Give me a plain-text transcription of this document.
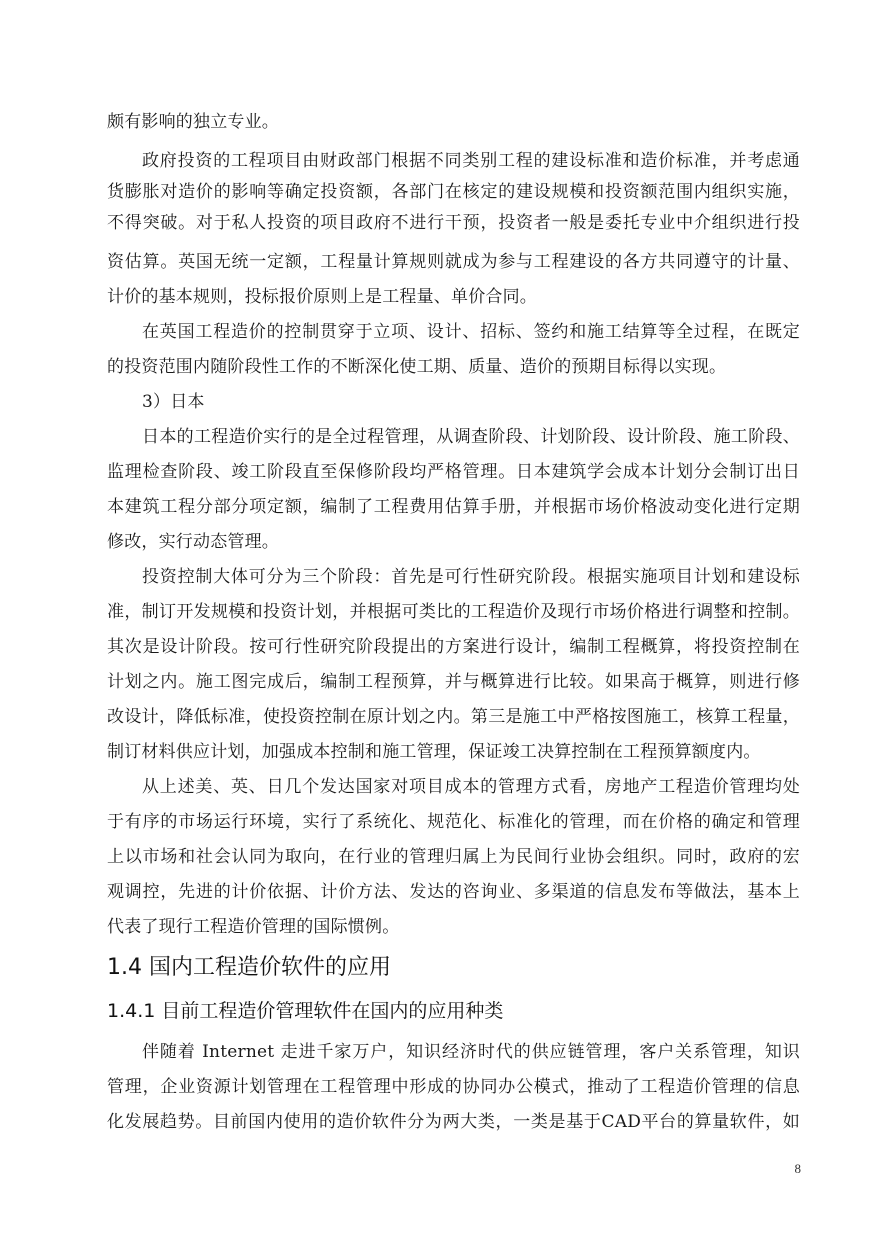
颇有影响的独立专业。
政府投资的工程项目由财政部门根据不同类别工程的建设标准和造价标准，并考虑通
货膨胀对造价的影响等确定投资额，各部门在核定的建设规模和投资额范围内组织实施，
不得突破。对于私人投资的项目政府不进行干预，投资者一般是委托专业中介组织进行投
资估算。英国无统一定额，工程量计算规则就成为参与工程建设的各方共同遵守的计量、
计价的基本规则，投标报价原则上是工程量、单价合同。
在英国工程造价的控制贯穿于立项、设计、招标、签约和施工结算等全过程，在既定
的投资范围内随阶段性工作的不断深化使工期、质量、造价的预期目标得以实现。
3）日本
日本的工程造价实行的是全过程管理，从调查阶段、计划阶段、设计阶段、施工阶段、
监理检查阶段、竣工阶段直至保修阶段均严格管理。日本建筑学会成本计划分会制订出日
本建筑工程分部分项定额，编制了工程费用估算手册，并根据市场价格波动变化进行定期
修改，实行动态管理。
投资控制大体可分为三个阶段：首先是可行性研究阶段。根据实施项目计划和建设标
准，制订开发规模和投资计划，并根据可类比的工程造价及现行市场价格进行调整和控制。
其次是设计阶段。按可行性研究阶段提出的方案进行设计，编制工程概算，将投资控制在
计划之内。施工图完成后，编制工程预算，并与概算进行比较。如果高于概算，则进行修
改设计，降低标准，使投资控制在原计划之内。第三是施工中严格按图施工，核算工程量，
制订材料供应计划，加强成本控制和施工管理，保证竣工决算控制在工程预算额度内。
从上述美、英、日几个发达国家对项目成本的管理方式看，房地产工程造价管理均处
于有序的市场运行环境，实行了系统化、规范化、标准化的管理，而在价格的确定和管理
上以市场和社会认同为取向，在行业的管理归属上为民间行业协会组织。同时，政府的宏
观调控，先进的计价依据、计价方法、发达的咨询业、多渠道的信息发布等做法，基本上
代表了现行工程造价管理的国际惯例。
1.4 国内工程造价软件的应用
1.4.1 目前工程造价管理软件在国内的应用种类
伴随着 Internet 走进千家万户，知识经济时代的供应链管理，客户关系管理，知识
管理，企业资源计划管理在工程管理中形成的协同办公模式，推动了工程造价管理的信息
化发展趋势。目前国内使用的造价软件分为两大类，一类是基于CAD平台的算量软件，如
8
